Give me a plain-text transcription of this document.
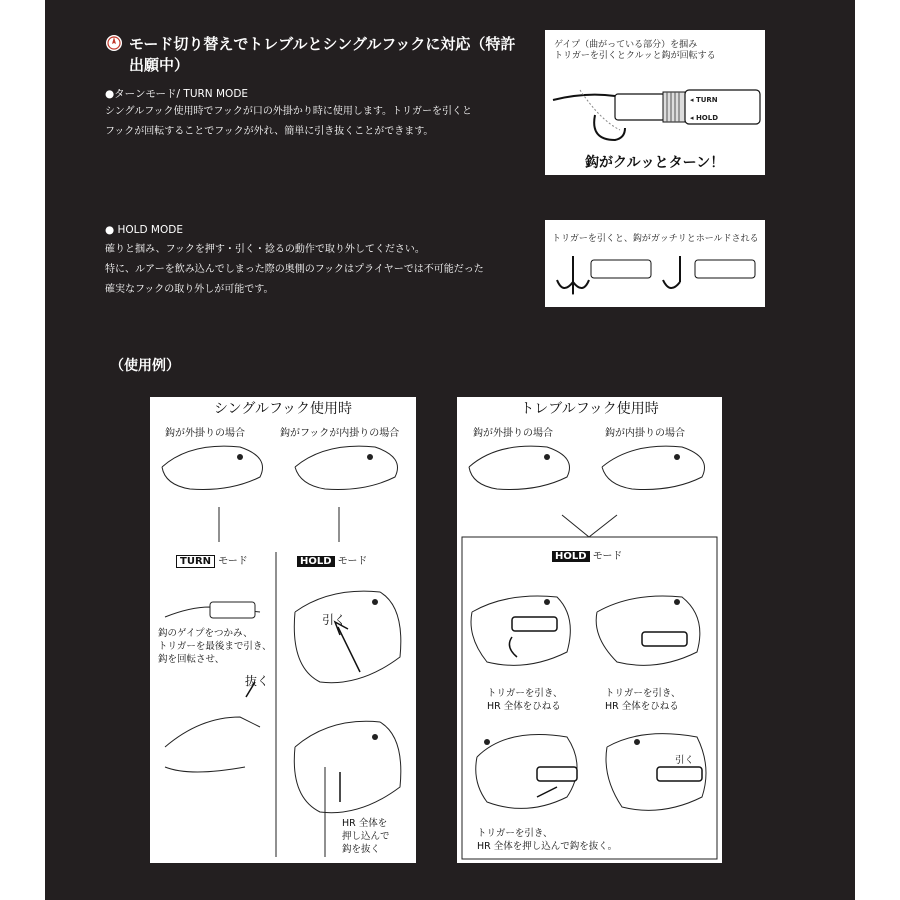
モード切り替えでトレブルとシングルフックに対応（特許
出願中）
●ターンモード/ TURN MODE
シングルフック使用時でフックが口の外掛かり時に使用します。トリガーを引くと
フックが回転することでフックが外れ、簡単に引き抜くことができます。
ゲイプ（曲がっている部分）を掴み
トリガーを引くとクルッと鈎が回転する
◂ TURN
◂ HOLD
鈎がクルッとターン！
● HOLD MODE
確りと掴み、フックを押す・引く・捻るの動作で取り外してください。
特に、ルアーを飲み込んでしまった際の奥側のフックはプライヤーでは不可能だった
確実なフックの取り外しが可能です。
トリガーを引くと、鈎がガッチリとホールドされる
（使用例）
シングルフック使用時
鈎が外掛りの場合	鈎がフックが内掛りの場合
TURN モード	HOLD モード
鈎のゲイプをつかみ、
トリガーを最後まで引き、
鈎を回転させ、
抜く
引く
HR 全体を
押し込んで
鈎を抜く
トレブルフック使用時
鈎が外掛りの場合	鈎が内掛りの場合
HOLD モード
トリガーを引き、
HR 全体をひねる
トリガーを引き、
HR 全体をひねる
引く
トリガーを引き、
HR 全体を押し込んで鈎を抜く。
